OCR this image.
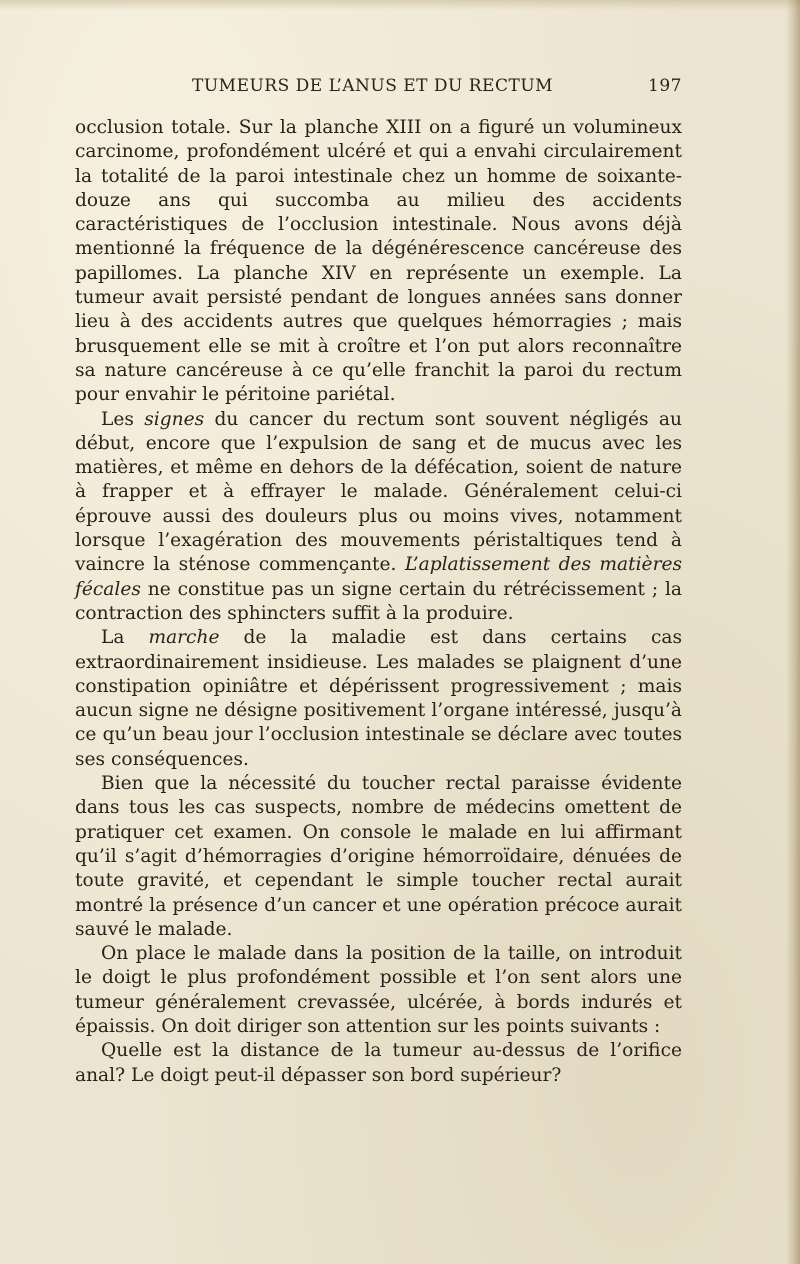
TUMEURS DE L’ANUS ET DU RECTUM	197

occlusion totale. Sur la planche XIII on a figuré un volumineux carcinome, profondément ulcéré et qui a envahi circulairement la totalité de la paroi intestinale chez un homme de soixante-douze ans qui succomba au milieu des accidents caractéristiques de l’occlusion intestinale. Nous avons déjà mentionné la fréquence de la dégénérescence cancéreuse des papillomes. La planche XIV en représente un exemple. La tumeur avait persisté pendant de longues années sans donner lieu à des accidents autres que quelques hémorragies ; mais brusquement elle se mit à croître et l’on put alors reconnaître sa nature cancéreuse à ce qu’elle franchit la paroi du rectum pour envahir le péritoine pariétal.

Les signes du cancer du rectum sont souvent négligés au début, encore que l’expulsion de sang et de mucus avec les matières, et même en dehors de la défécation, soient de nature à frapper et à effrayer le malade. Généralement celui-ci éprouve aussi des douleurs plus ou moins vives, notamment lorsque l’exagération des mouvements péristaltiques tend à vaincre la sténose commençante. L’aplatissement des matières fécales ne constitue pas un signe certain du rétrécissement ; la contraction des sphincters suffit à la produire.

La marche de la maladie est dans certains cas extraordinairement insidieuse. Les malades se plaignent d’une constipation opiniâtre et dépérissent progressivement ; mais aucun signe ne désigne positivement l’organe intéressé, jusqu’à ce qu’un beau jour l’occlusion intestinale se déclare avec toutes ses conséquences.

Bien que la nécessité du toucher rectal paraisse évidente dans tous les cas suspects, nombre de médecins omettent de pratiquer cet examen. On console le malade en lui affirmant qu’il s’agit d’hémorragies d’origine hémorroïdaire, dénuées de toute gravité, et cependant le simple toucher rectal aurait montré la présence d’un cancer et une opération précoce aurait sauvé le malade.

On place le malade dans la position de la taille, on introduit le doigt le plus profondément possible et l’on sent alors une tumeur généralement crevassée, ulcérée, à bords indurés et épaissis. On doit diriger son attention sur les points suivants :

Quelle est la distance de la tumeur au-dessus de l’orifice anal? Le doigt peut-il dépasser son bord supérieur?
